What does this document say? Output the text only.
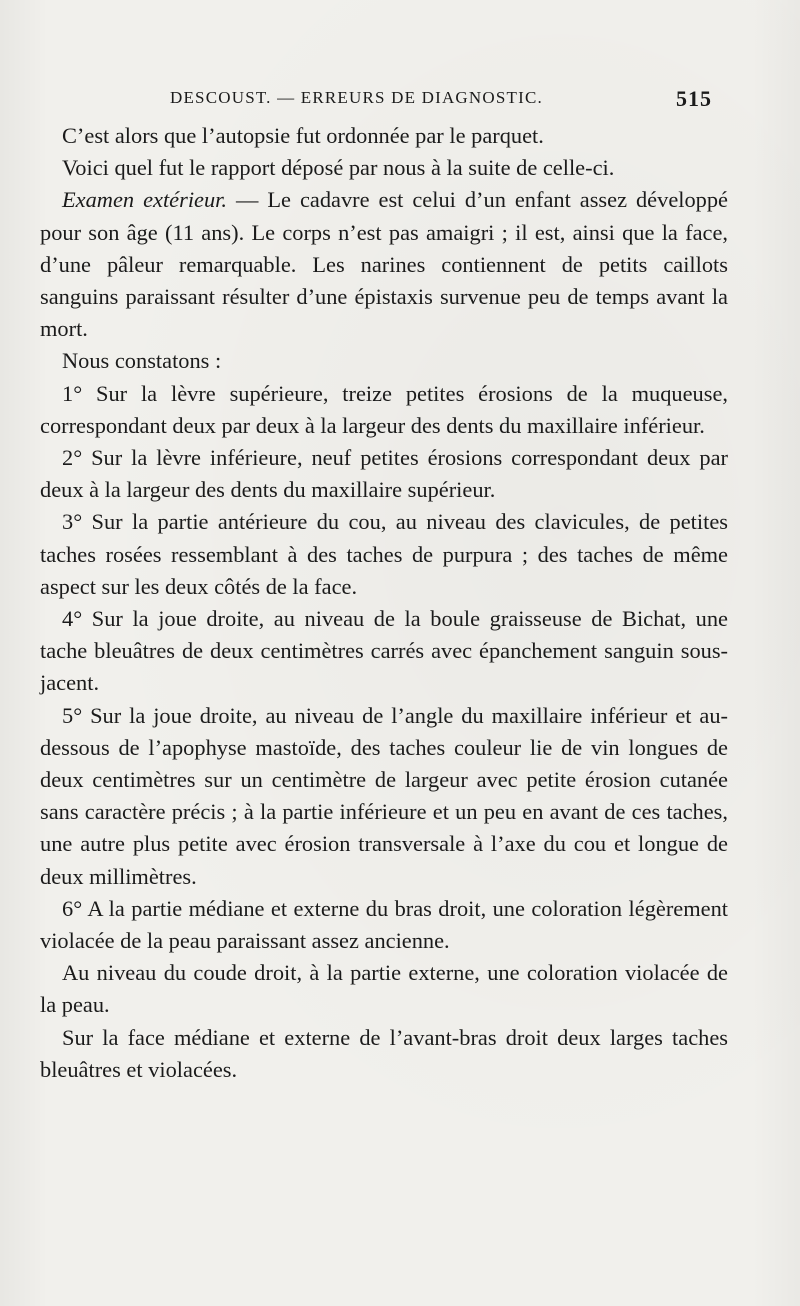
DESCOUST. — ERREURS DE DIAGNOSTIC.	515

C’est alors que l’autopsie fut ordonnée par le parquet.

Voici quel fut le rapport déposé par nous à la suite de celle-ci.

Examen extérieur. — Le cadavre est celui d’un enfant assez développé pour son âge (11 ans). Le corps n’est pas amaigri ; il est, ainsi que la face, d’une pâleur remarquable. Les narines contiennent de petits caillots sanguins paraissant résulter d’une épistaxis survenue peu de temps avant la mort.

Nous constatons :

1° Sur la lèvre supérieure, treize petites érosions de la muqueuse, correspondant deux par deux à la largeur des dents du maxillaire inférieur.

2° Sur la lèvre inférieure, neuf petites érosions correspondant deux par deux à la largeur des dents du maxillaire supérieur.

3° Sur la partie antérieure du cou, au niveau des clavicules, de petites taches rosées ressemblant à des taches de purpura ; des taches de même aspect sur les deux côtés de la face.

4° Sur la joue droite, au niveau de la boule graisseuse de Bichat, une tache bleuâtres de deux centimètres carrés avec épanchement sanguin sous-jacent.

5° Sur la joue droite, au niveau de l’angle du maxillaire inférieur et au-dessous de l’apophyse mastoïde, des taches couleur lie de vin longues de deux centimètres sur un centimètre de largeur avec petite érosion cutanée sans caractère précis ; à la partie inférieure et un peu en avant de ces taches, une autre plus petite avec érosion transversale à l’axe du cou et longue de deux millimètres.

6° A la partie médiane et externe du bras droit, une coloration légèrement violacée de la peau paraissant assez ancienne.

Au niveau du coude droit, à la partie externe, une coloration violacée de la peau.

Sur la face médiane et externe de l’avant-bras droit deux larges taches bleuâtres et violacées.
